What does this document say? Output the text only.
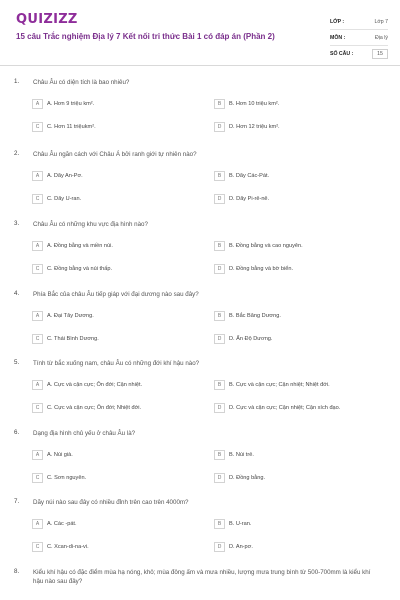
QUIZIZZ
15 câu Trắc nghiệm Địa lý 7 Kết nối tri thức Bài 1 có đáp án (Phần 2)
LỚP :	Lớp 7
MÔN :	Địa lý
SỐ CÂU :	15
1. Châu Âu có diện tích là bao nhiêu?
A	A. Hơn 9 triệu km².	B	B. Hơn 10 triệu km².
C	C. Hơn 11 triệukm².	D	D. Hơn 12 triệu km².
2. Châu Âu ngăn cách với Châu Á bởi ranh giới tự nhiên nào?
A	A. Dãy An-Pơ.	B	B. Dãy Các-Pát.
C	C. Dãy U-ran.	D	D. Dãy Pi-rê-nê.
3. Châu Âu có những khu vực địa hình nào?
A	A. Đồng bằng và miền núi.	B	B. Đồng bằng và cao nguyên.
C	C. Đồng bằng và núi thấp.	D	D. Đồng bằng và bờ biển.
4. Phía Bắc của châu Âu tiếp giáp với đại dương nào sau đây?
A	A. Đại Tây Dương.	B	B. Bắc Băng Dương.
C	C. Thái Bình Dương.	D	D. Ấn Độ Dương.
5. Tính từ bắc xuống nam, châu Âu có những đới khí hậu nào?
A	A. Cực và cận cực; Ôn đới; Cận nhiệt.	B	B. Cực và cận cực; Cận nhiệt; Nhiệt đới.
C	C. Cực và cận cực; Ôn đới; Nhiệt đới.	D	D. Cực và cận cực; Cận nhiệt; Cận xích đạo.
6. Dạng địa hình chủ yếu ở châu Âu là?
A	A. Núi già.	B	B. Núi trẻ.
C	C. Sơn nguyên.	D	D. Đồng bằng.
7. Dãy núi nào sau đây có nhiều đỉnh trên cao trên 4000m?
A	A. Các -pát.	B	B. U-ran.
C	C. Xcan-di-na-vi.	D	D. An-pơ.
8. Kiểu khí hậu có đặc điểm mùa hạ nóng, khô; mùa đông ấm và mưa nhiều, lượng mưa trung bình từ 500-700mm là kiểu khí hậu nào sau đây?
